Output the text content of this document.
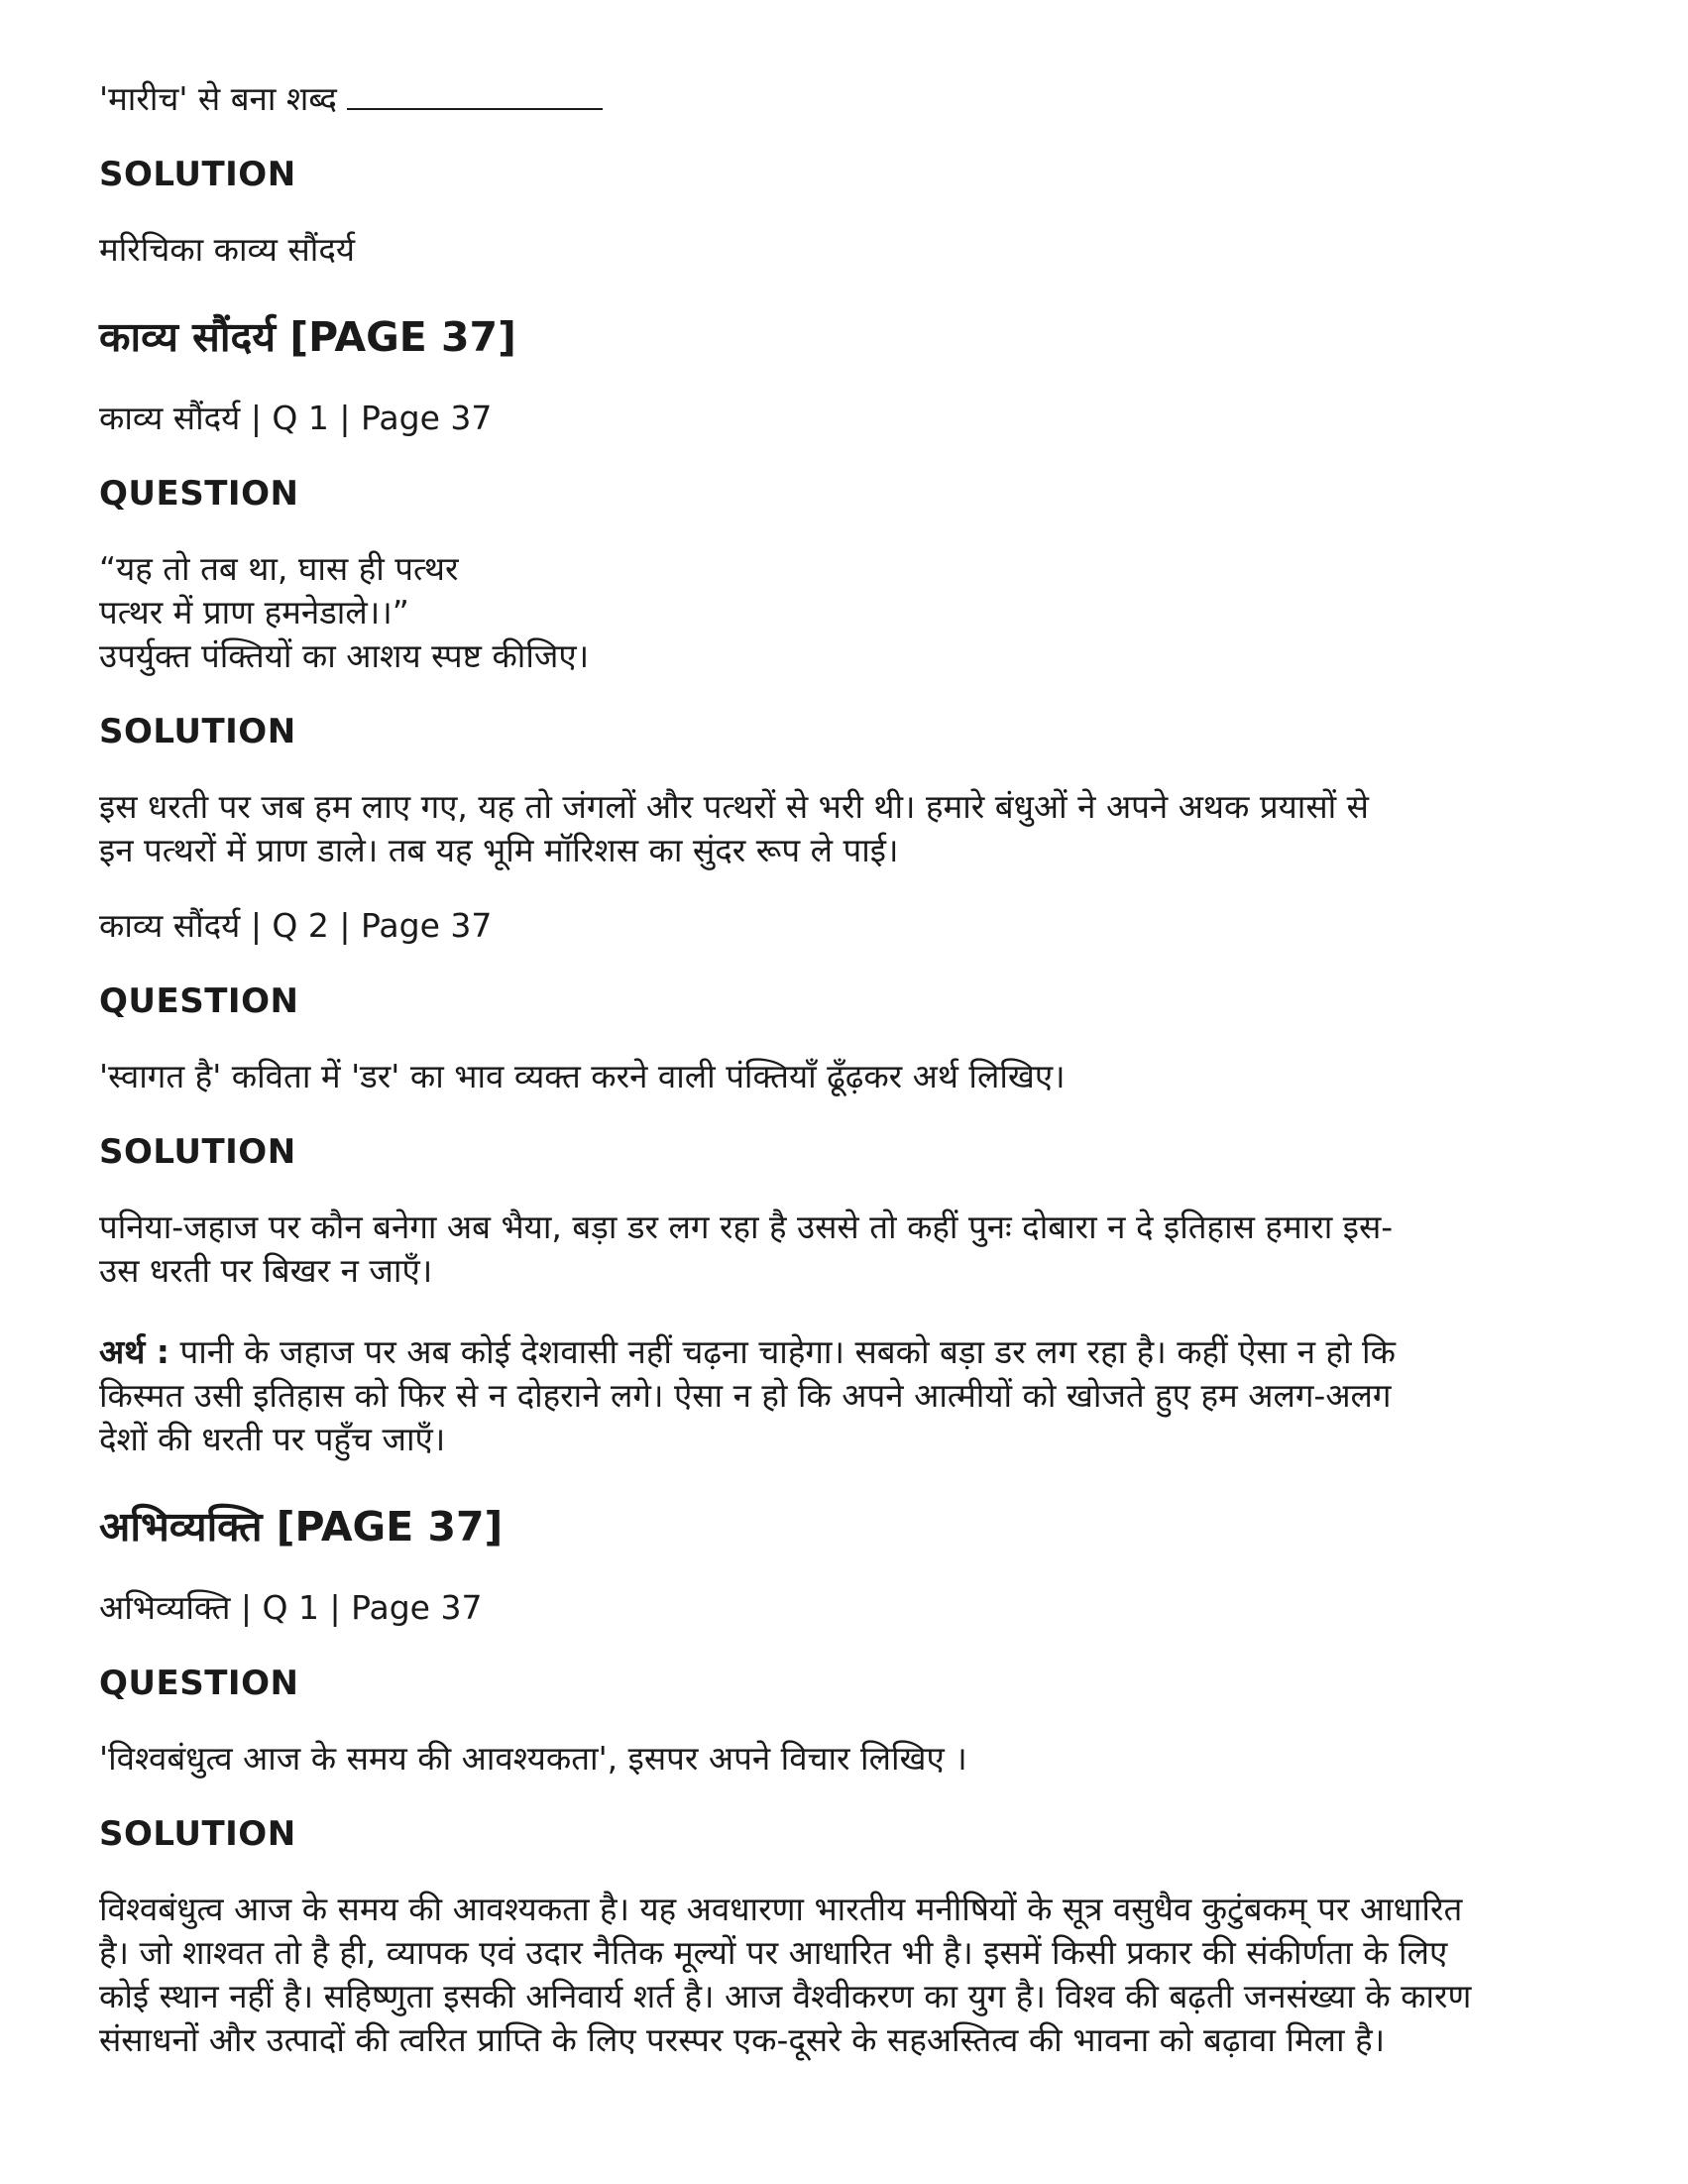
'मारीच' से बना शब्द

SOLUTION

मरिचिका काव्य सौंदर्य

काव्य सौंदर्य [PAGE 37]

काव्य सौंदर्य | Q 1 | Page 37

QUESTION

“यह तो तब था, घास ही पत्थर
पत्थर में प्राण हमनेडाले।।”
उपर्युक्त पंक्तियों का आशय स्पष्ट कीजिए।

SOLUTION

इस धरती पर जब हम लाए गए, यह तो जंगलों और पत्थरों से भरी थी। हमारे बंधुओं ने अपने अथक प्रयासों से
इन पत्थरों में प्राण डाले। तब यह भूमि मॉरिशस का सुंदर रूप ले पाई।

काव्य सौंदर्य | Q 2 | Page 37

QUESTION

'स्वागत है' कविता में 'डर' का भाव व्यक्त करने वाली पंक्तियाँ ढूँढ़कर अर्थ लिखिए।

SOLUTION

पनिया-जहाज पर कौन बनेगा अब भैया, बड़ा डर लग रहा है उससे तो कहीं पुनः दोबारा न दे इतिहास हमारा इस-
उस धरती पर बिखर न जाएँ।
अर्थ : पानी के जहाज पर अब कोई देशवासी नहीं चढ़ना चाहेगा। सबको बड़ा डर लग रहा है। कहीं ऐसा न हो कि
किस्मत उसी इतिहास को फिर से न दोहराने लगे। ऐसा न हो कि अपने आत्मीयों को खोजते हुए हम अलग-अलग
देशों की धरती पर पहुँच जाएँ।
अभिव्यक्ति [PAGE 37]

अभिव्यक्ति | Q 1 | Page 37

QUESTION

'विश्वबंधुत्व आज के समय की आवश्यकता', इसपर अपने विचार लिखिए ।

SOLUTION

विश्वबंधुत्व आज के समय की आवश्यकता है। यह अवधारणा भारतीय मनीषियों के सूत्र वसुधैव कुटुंबकम् पर आधारित
है। जो शाश्वत तो है ही, व्यापक एवं उदार नैतिक मूल्यों पर आधारित भी है। इसमें किसी प्रकार की संकीर्णता के लिए
कोई स्थान नहीं है। सहिष्णुता इसकी अनिवार्य शर्त है। आज वैश्वीकरण का युग है। विश्व की बढ़ती जनसंख्या के कारण
संसाधनों और उत्पादों की त्वरित प्राप्ति के लिए परस्पर एक-दूसरे के सहअस्तित्व की भावना को बढ़ावा मिला है।
